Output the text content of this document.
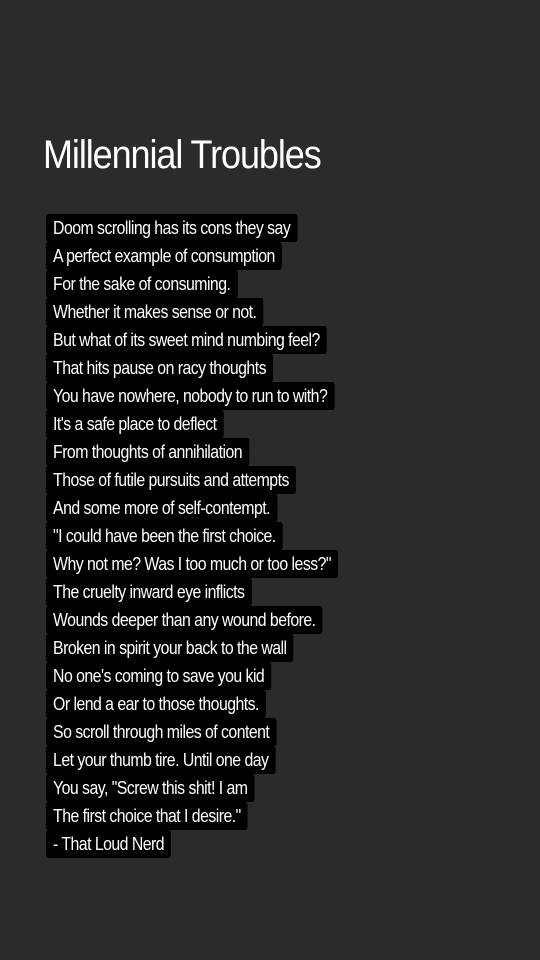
Millennial Troubles
Doom scrolling has its cons they say
A perfect example of consumption
For the sake of consuming.
Whether it makes sense or not.
But what of its sweet mind numbing feel?
That hits pause on racy thoughts
You have nowhere, nobody to run to with?
It's a safe place to deflect
From thoughts of annihilation
Those of futile pursuits and attempts
And some more of self-contempt.
"I could have been the first choice.
Why not me? Was I too much or too less?"
The cruelty inward eye inflicts
Wounds deeper than any wound before.
Broken in spirit your back to the wall
No one's coming to save you kid
Or lend a ear to those thoughts.
So scroll through miles of content
Let your thumb tire. Until one day
You say, "Screw this shit! I am
The first choice that I desire."
- That Loud Nerd
